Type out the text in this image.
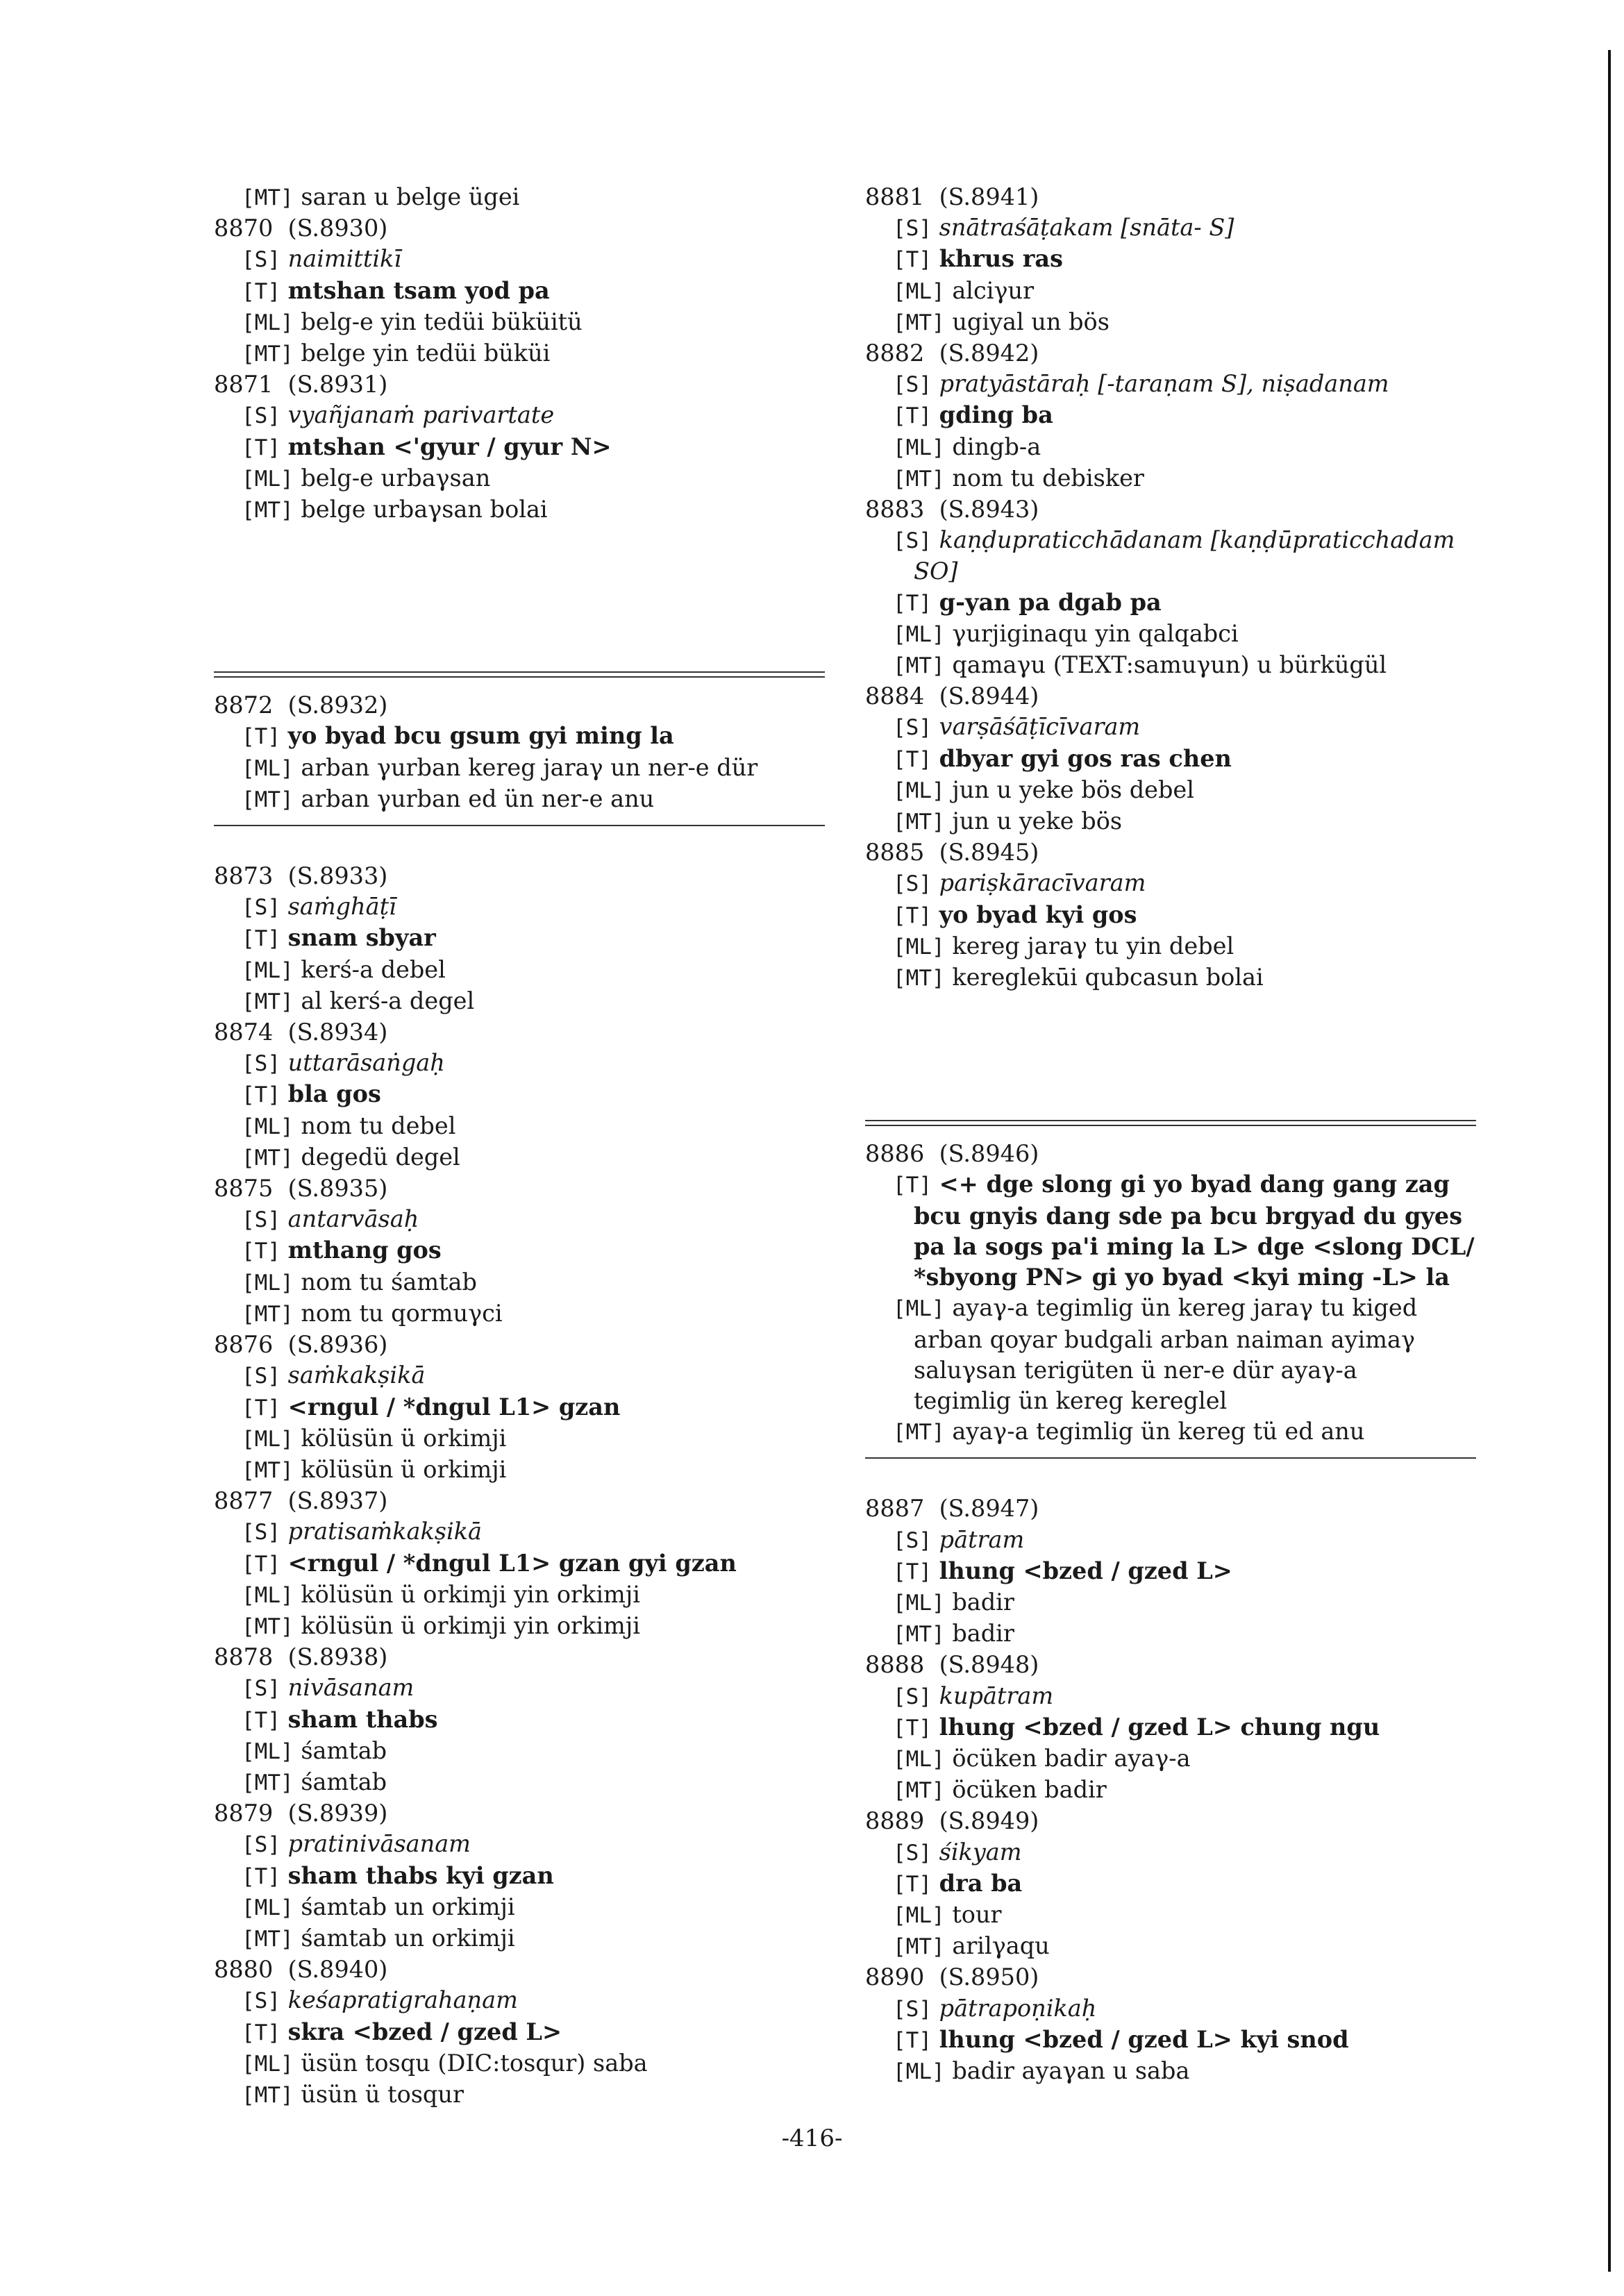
[MT] saran u belge ügei
8870 (S.8930)
[S] naimittikī
[T] mtshan tsam yod pa
[ML] belg-e yin tedüi büküitü
[MT] belge yin tedüi büküi
8871 (S.8931)
[S] vyañjanaṁ parivartate
[T] mtshan <'gyur / gyur N>
[ML] belg-e urbaγsan
[MT] belge urbaγsan bolai
8872 (S.8932)
[T] yo byad bcu gsum gyi ming la
[ML] arban γurban kereg jaraγ un ner-e dür
[MT] arban γurban ed ün ner-e anu
8873 (S.8933)
[S] saṁghāṭī
[T] snam sbyar
[ML] kerś-a debel
[MT] al kerś-a degel
8874 (S.8934)
[S] uttarāsaṅgaḥ
[T] bla gos
[ML] nom tu debel
[MT] degedü degel
8875 (S.8935)
[S] antarvāsaḥ
[T] mthang gos
[ML] nom tu śamtab
[MT] nom tu qormuγci
8876 (S.8936)
[S] saṁkakṣikā
[T] <rngul / *dngul L1> gzan
[ML] kölüsün ü orkimji
[MT] kölüsün ü orkimji
8877 (S.8937)
[S] pratisaṁkakṣikā
[T] <rngul / *dngul L1> gzan gyi gzan
[ML] kölüsün ü orkimji yin orkimji
[MT] kölüsün ü orkimji yin orkimji
8878 (S.8938)
[S] nivāsanam
[T] sham thabs
[ML] śamtab
[MT] śamtab
8879 (S.8939)
[S] pratinivāsanam
[T] sham thabs kyi gzan
[ML] śamtab un orkimji
[MT] śamtab un orkimji
8880 (S.8940)
[S] keśapratigrahaṇam
[T] skra <bzed / gzed L>
[ML] üsün tosqu (DIC:tosqur) saba
[MT] üsün ü tosqur
8881 (S.8941)
[S] snātraśāṭakam [snāta- S]
[T] khrus ras
[ML] alciγur
[MT] ugiyal un bös
8882 (S.8942)
[S] pratyāstāraḥ [-taraṇam S], niṣadanam
[T] gding ba
[ML] dingb-a
[MT] nom tu debisker
8883 (S.8943)
[S] kaṇḍupraticchādanam [kaṇḍūpraticchadam
SO]
[T] g-yan pa dgab pa
[ML] γurjiginaqu yin qalqabci
[MT] qamaγu (TEXT:samuγun) u bürkügül
8884 (S.8944)
[S] varṣāśāṭīcīvaram
[T] dbyar gyi gos ras chen
[ML] jun u yeke bös debel
[MT] jun u yeke bös
8885 (S.8945)
[S] pariṣkāracīvaram
[T] yo byad kyi gos
[ML] kereg jaraγ tu yin debel
[MT] kereglekūi qubcasun bolai
8886 (S.8946)
[T] <+ dge slong gi yo byad dang gang zag
bcu gnyis dang sde pa bcu brgyad du gyes
pa la sogs pa'i ming la L> dge <slong DCL/
*sbyong PN> gi yo byad <kyi ming -L> la
[ML] ayaγ-a tegimlig ün kereg jaraγ tu kiged
arban qoyar budgali arban naiman ayimaγ
saluγsan terigüten ü ner-e dür ayaγ-a
tegimlig ün kereg kereglel
[MT] ayaγ-a tegimlig ün kereg tü ed anu
8887 (S.8947)
[S] pātram
[T] lhung <bzed / gzed L>
[ML] badir
[MT] badir
8888 (S.8948)
[S] kupātram
[T] lhung <bzed / gzed L> chung ngu
[ML] öcüken badir ayaγ-a
[MT] öcüken badir
8889 (S.8949)
[S] śikyam
[T] dra ba
[ML] tour
[MT] arilγaqu
8890 (S.8950)
[S] pātrapoṇikaḥ
[T] lhung <bzed / gzed L> kyi snod
[ML] badir ayaγan u saba
-416-
